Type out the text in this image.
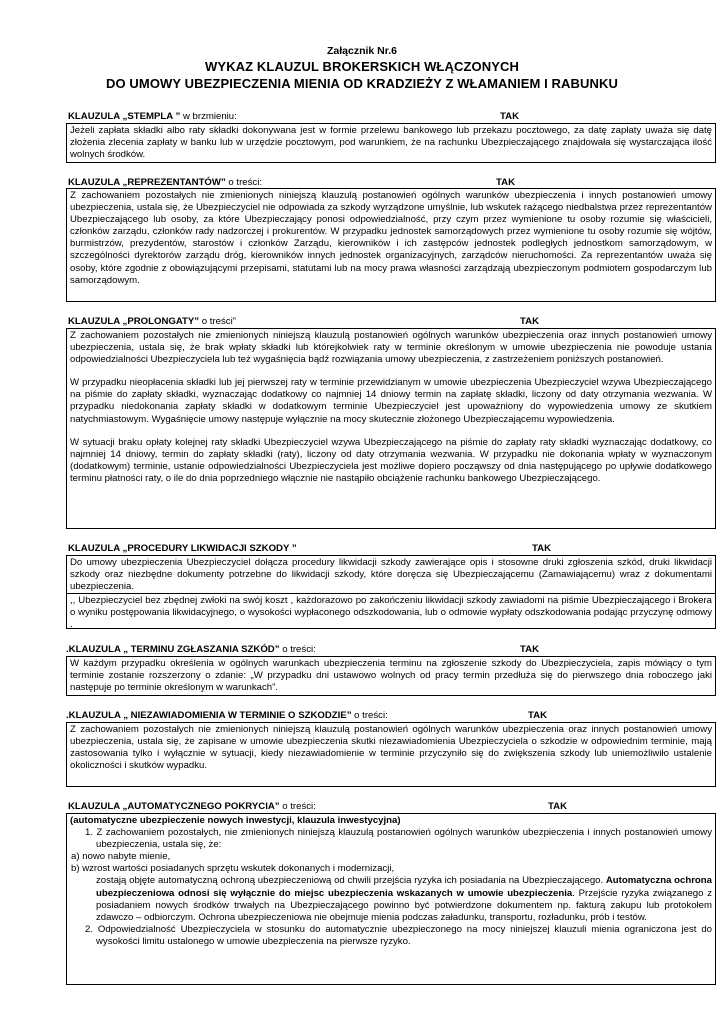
Załącznik Nr.6
WYKAZ KLAUZUL BROKERSKICH WŁĄCZONYCH
DO UMOWY UBEZPIECZENIA MIENIA OD KRADZIEŻY Z WŁAMANIEM I RABUNKU
KLAUZULA „STEMPLA ” w brzmieniu:	TAK

Jeżeli zapłata składki albo raty składki dokonywana jest w formie przelewu bankowego lub przekazu pocztowego, za datę zapłaty uważa się datę złożenia zlecenia zapłaty w banku lub w urzędzie pocztowym, pod warunkiem, że na rachunku Ubezpieczającego znajdowała się wystarczająca ilość wolnych środków.

KLAUZULA „REPREZENTANTÓW” o treści:	TAK

Z zachowaniem pozostałych nie zmienionych niniejszą klauzulą postanowień ogólnych warunków ubezpieczenia i innych postanowień umowy ubezpieczenia, ustala się, że Ubezpieczyciel nie odpowiada za szkody wyrządzone umyślnie, lub wskutek rażącego niedbalstwa przez reprezentantów Ubezpieczającego lub osoby, za które Ubezpieczający ponosi odpowiedzialność, przy czym przez wymienione tu osoby rozumie się właścicieli, członków zarządu, członków rady nadzorczej i prokurentów. W przypadku jednostek samorządowych przez wymienione tu osoby rozumie się wójtów, burmistrzów, prezydentów, starostów i członków Zarządu, kierowników i ich zastępców jednostek podległych jednostkom samorządowym, w szczególności dyrektorów zarządu dróg, kierowników innych jednostek organizacyjnych, zarządców nieruchomości. Za reprezentantów uważa się osoby, które zgodnie z obowiązującymi przepisami, statutami lub na mocy prawa własności zarządzają ubezpieczonym podmiotem gospodarczym lub samorządowym.

KLAUZULA „PROLONGATY” o treści”	TAK

Z zachowaniem pozostałych nie zmienionych niniejszą klauzulą postanowień ogólnych warunków ubezpieczenia oraz innych postanowień umowy ubezpieczenia, ustala się, że brak wpłaty składki lub którejkolwiek raty w terminie określonym w umowie ubezpieczenia nie powoduje ustania odpowiedzialności Ubezpieczyciela lub też wygaśnięcia bądź rozwiązania umowy ubezpieczenia, z zastrzeżeniem poniższych postanowień.

W przypadku nieopłacenia składki lub jej pierwszej raty w terminie przewidzianym w umowie ubezpieczenia Ubezpieczyciel wzywa Ubezpieczającego na piśmie do zapłaty składki, wyznaczając dodatkowy co najmniej 14 dniowy termin na zapłatę składki, liczony od daty otrzymania wezwania. W przypadku niedokonania zapłaty składki w dodatkowym terminie Ubezpieczyciel jest upoważniony do wypowiedzenia umowy ze skutkiem natychmiastowym. Wygaśnięcie umowy następuje wyłącznie na mocy skutecznie złożonego Ubezpieczającemu wypowiedzenia.

W sytuacji braku opłaty kolejnej raty składki Ubezpieczyciel wzywa Ubezpieczającego na piśmie do zapłaty raty składki wyznaczając dodatkowy, co najmniej 14 dniowy, termin do zapłaty składki (raty), liczony od daty otrzymania wezwania. W przypadku nie dokonania wpłaty w wyznaczonym (dodatkowym) terminie, ustanie odpowiedzialności Ubezpieczyciela jest możliwe dopiero począwszy od dnia następującego po upływie dodatkowego terminu płatności raty, o ile do dnia poprzedniego włącznie nie nastąpiło obciążenie rachunku bankowego Ubezpieczającego.

KLAUZULA „PROCEDURY LIKWIDACJI SZKODY ”	TAK

Do umowy ubezpieczenia Ubezpieczyciel dołącza procedury likwidacji szkody zawierające opis i stosowne druki zgłoszenia szkód, druki likwidacji szkody oraz niezbędne dokumenty potrzebne do likwidacji szkody, które doręcza się Ubezpieczającemu (Zamawiającemu) wraz z dokumentami ubezpieczenia.

,, Ubezpieczyciel bez zbędnej zwłoki na swój koszt , każdorazowo po zakończeniu likwidacji szkody zawiadomi na piśmie Ubezpieczającego i Brokera o wyniku postępowania likwidacyjnego, o wysokości wypłaconego odszkodowania, lub o odmowie wypłaty odszkodowania podając przyczynę odmowy .

.KLAUZULA „ TERMINU ZGŁASZANIA SZKÓD” o treści:	TAK

W każdym przypadku określenia w ogólnych warunkach ubezpieczenia terminu na zgłoszenie szkody do Ubezpieczyciela, zapis mówiący o tym terminie zostanie rozszerzony o zdanie: „W przypadku dni ustawowo wolnych od pracy termin przedłuża się do pierwszego dnia roboczego jaki następuje po terminie określonym w warunkach”.

.KLAUZULA „ NIEZAWIADOMIENIA W TERMINIE O SZKODZIE” o treści:	TAK

Z zachowaniem pozostałych nie zmienionych niniejszą klauzulą postanowień ogólnych warunków ubezpieczenia oraz innych postanowień umowy ubezpieczenia, ustala się, że zapisane w umowie ubezpieczenia skutki niezawiadomienia Ubezpieczyciela o szkodzie w odpowiednim terminie, mają zastosowania tylko i wyłącznie w sytuacji, kiedy niezawiadomienie w terminie przyczyniło się do zwiększenia szkody lub uniemożliwiło ustalenie okoliczności i skutków wypadku.

KLAUZULA „AUTOMATYCZNEGO POKRYCIA” o treści:	TAK

(automatyczne ubezpieczenie nowych inwestycji, klauzula inwestycyjna)

1. Z zachowaniem pozostałych, nie zmienionych niniejszą klauzulą postanowień ogólnych warunków ubezpieczenia i innych postanowień umowy ubezpieczenia, ustala się, że:

a) nowo nabyte mienie,

b) wzrost wartości posiadanych sprzętu wskutek dokonanych i modernizacji,

zostają objęte automatyczną ochroną ubezpieczeniową od chwili przejścia ryzyka ich posiadania na Ubezpieczającego. Automatyczna ochrona ubezpieczeniowa odnosi się wyłącznie do miejsc ubezpieczenia wskazanych w umowie ubezpieczenia. Przejście ryzyka związanego z posiadaniem nowych środków trwałych na Ubezpieczającego powinno być potwierdzone dokumentem np. fakturą zakupu lub protokołem zdawczo – odbiorczym. Ochrona ubezpieczeniowa nie obejmuje mienia podczas załadunku, transportu, rozładunku, prób i testów.

2. Odpowiedzialność Ubezpieczyciela w stosunku do automatycznie ubezpieczonego na mocy niniejszej klauzuli mienia ograniczona jest do wysokości limitu ustalonego w umowie ubezpieczenia na pierwsze ryzyko.
